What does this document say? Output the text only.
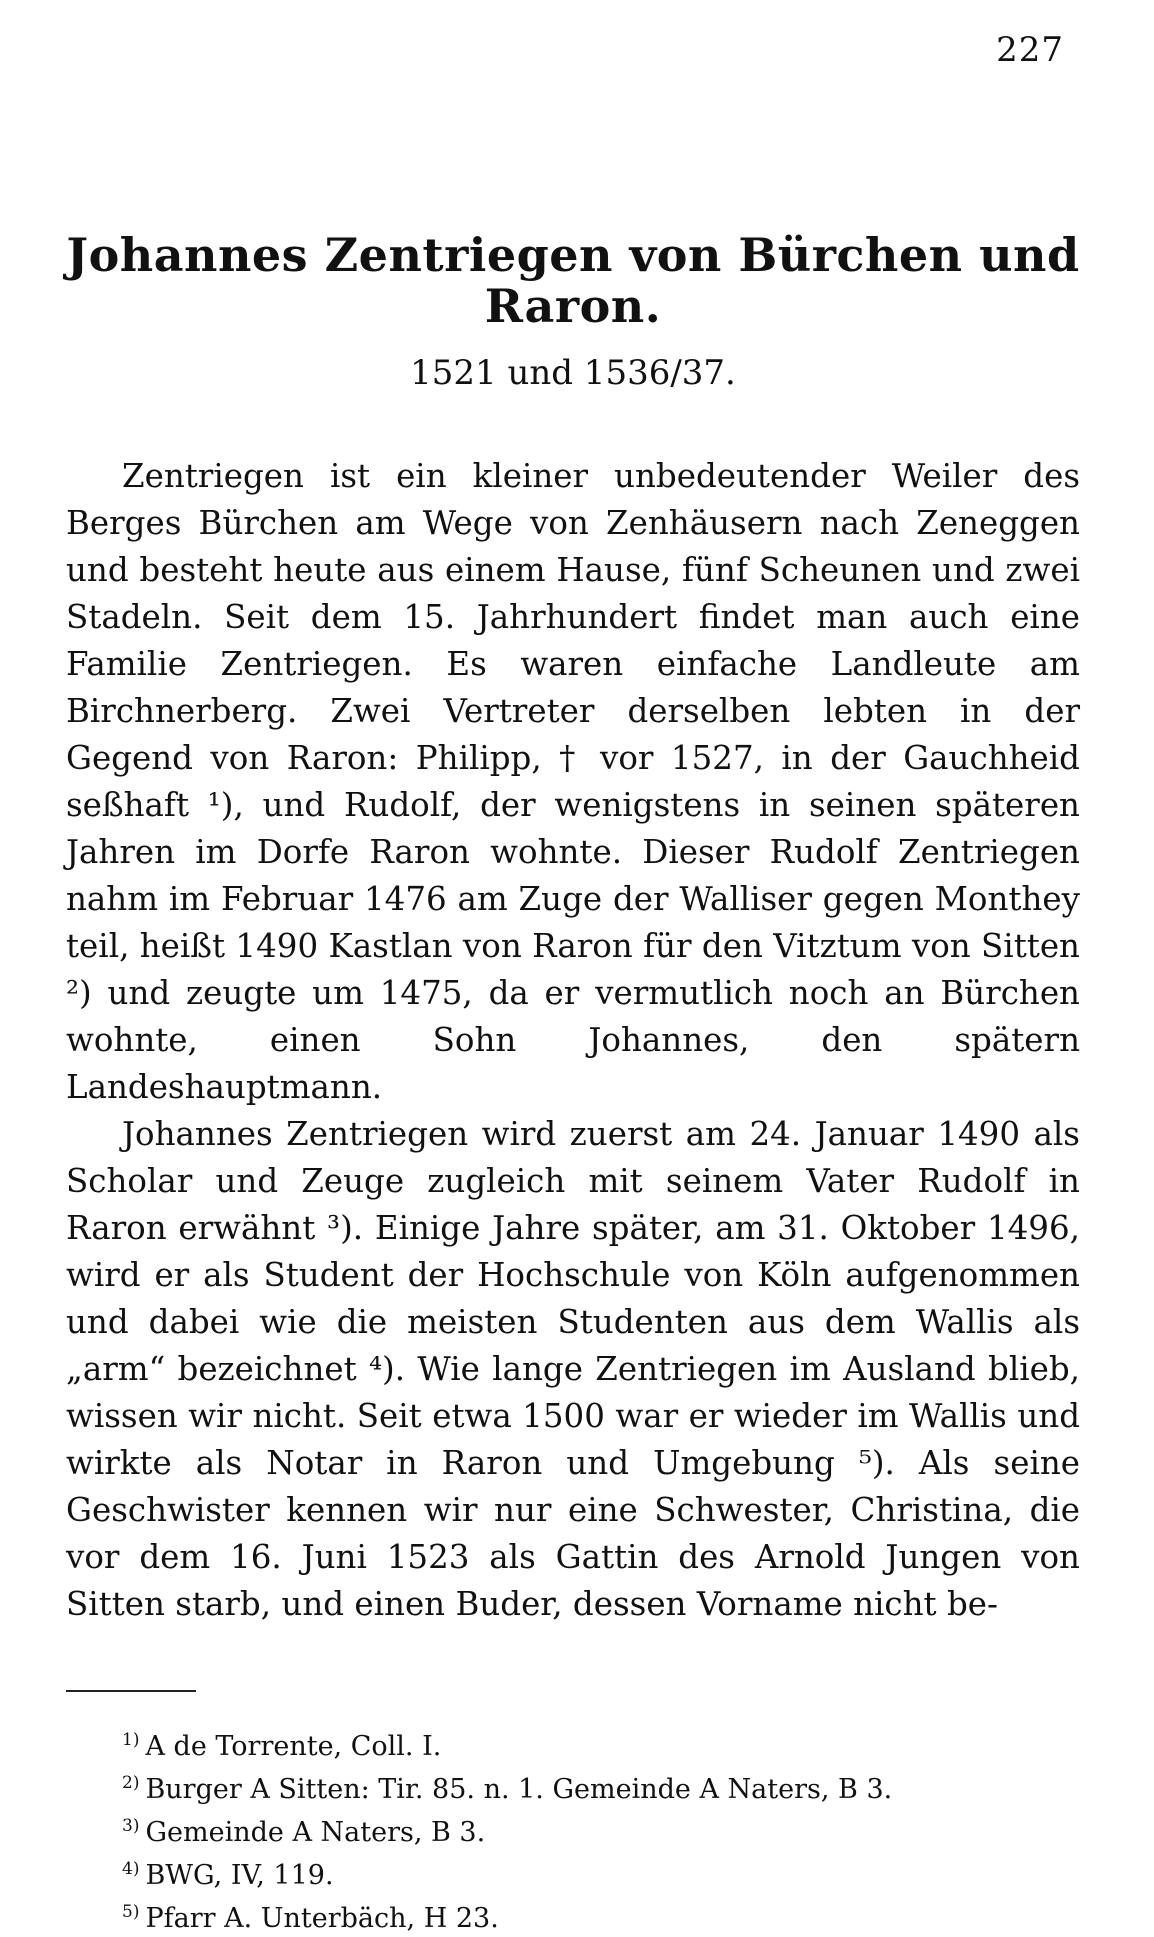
227
Johannes Zentriegen von Bürchen und Raron.
1521 und 1536/37.

Zentriegen ist ein kleiner unbedeutender Weiler des Berges Bürchen am Wege von Zenhäusern nach Zeneggen und besteht heute aus einem Hause, fünf Scheunen und zwei Stadeln. Seit dem 15. Jahrhundert findet man auch eine Familie Zentriegen. Es waren einfache Landleute am Birchnerberg. Zwei Vertreter derselben lebten in der Gegend von Raron: Philipp, † vor 1527, in der Gauchheid seßhaft ¹), und Rudolf, der wenigstens in seinen späteren Jahren im Dorfe Raron wohnte. Dieser Rudolf Zentriegen nahm im Februar 1476 am Zuge der Walliser gegen Monthey teil, heißt 1490 Kastlan von Raron für den Vitztum von Sitten ²) und zeugte um 1475, da er vermutlich noch an Bürchen wohnte, einen Sohn Johannes, den spätern Landeshauptmann.

Johannes Zentriegen wird zuerst am 24. Januar 1490 als Scholar und Zeuge zugleich mit seinem Vater Rudolf in Raron erwähnt ³). Einige Jahre später, am 31. Oktober 1496, wird er als Student der Hochschule von Köln aufgenommen und dabei wie die meisten Studenten aus dem Wallis als „arm“ bezeichnet ⁴). Wie lange Zentriegen im Ausland blieb, wissen wir nicht. Seit etwa 1500 war er wieder im Wallis und wirkte als Notar in Raron und Umgebung ⁵). Als seine Geschwister kennen wir nur eine Schwester, Christina, die vor dem 16. Juni 1523 als Gattin des Arnold Jungen von Sitten starb, und einen Buder, dessen Vorname nicht be-

$^{1)}$ A de Torrente, Coll. I.
$^{2)}$ Burger A Sitten: Tir. 85. n. 1. Gemeinde A Naters, B 3.
$^{3)}$ Gemeinde A Naters, B 3.
$^{4)}$ BWG, IV, 119.
$^{5)}$ Pfarr A. Unterbäch, H 23.
